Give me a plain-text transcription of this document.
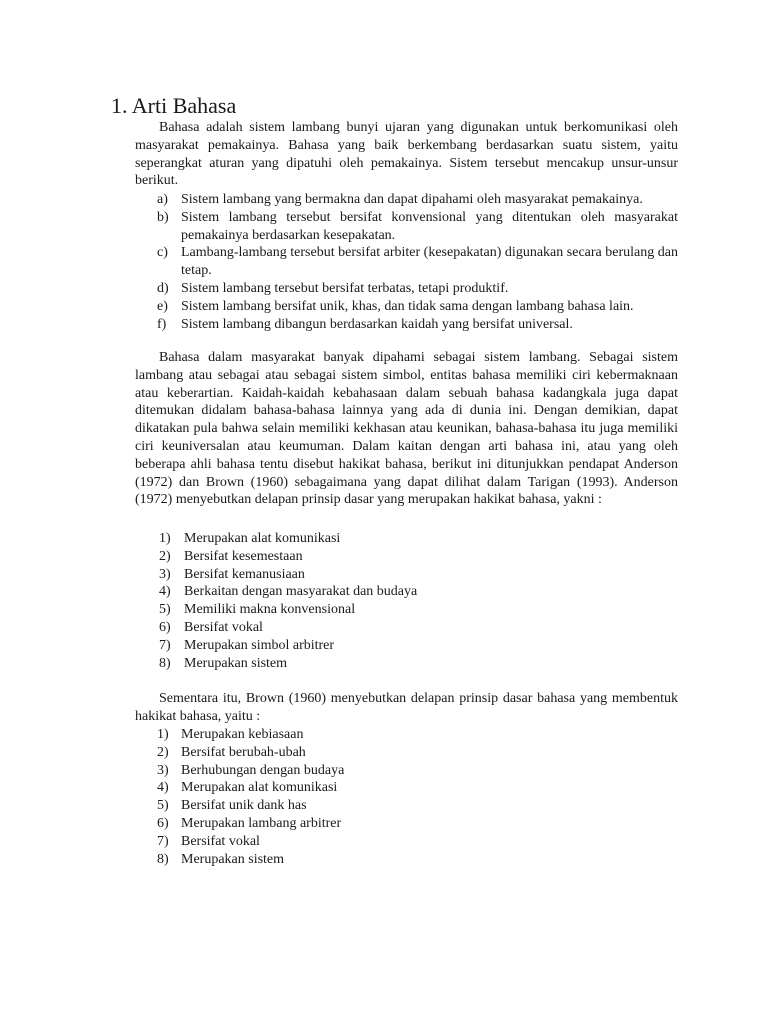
1. Arti Bahasa

Bahasa adalah sistem lambang bunyi ujaran yang digunakan untuk berkomunikasi oleh masyarakat pemakainya. Bahasa yang baik berkembang berdasarkan suatu sistem, yaitu seperangkat aturan yang dipatuhi oleh pemakainya. Sistem tersebut mencakup unsur-unsur berikut.

a) Sistem lambang yang bermakna dan dapat dipahami oleh masyarakat pemakainya.
b) Sistem lambang tersebut bersifat konvensional yang ditentukan oleh masyarakat pemakainya berdasarkan kesepakatan.
c) Lambang-lambang tersebut bersifat arbiter (kesepakatan) digunakan secara berulang dan tetap.
d) Sistem lambang tersebut bersifat terbatas, tetapi produktif.
e) Sistem lambang bersifat unik, khas, dan tidak sama dengan lambang bahasa lain.
f) Sistem lambang dibangun berdasarkan kaidah yang bersifat universal.

Bahasa dalam masyarakat banyak dipahami sebagai sistem lambang. Sebagai sistem lambang atau sebagai atau sebagai sistem simbol, entitas bahasa memiliki ciri kebermaknaan atau keberartian. Kaidah-kaidah kebahasaan dalam sebuah bahasa kadangkala juga dapat ditemukan didalam bahasa-bahasa lainnya yang ada di dunia ini. Dengan demikian, dapat dikatakan pula bahwa selain memiliki kekhasan atau keunikan, bahasa-bahasa itu juga memiliki ciri keuniversalan atau keumuman. Dalam kaitan dengan arti bahasa ini, atau yang oleh beberapa ahli bahasa tentu disebut hakikat bahasa, berikut ini ditunjukkan pendapat Anderson (1972) dan Brown (1960) sebagaimana yang dapat dilihat dalam Tarigan (1993). Anderson (1972) menyebutkan delapan prinsip dasar yang merupakan hakikat bahasa, yakni :

1) Merupakan alat komunikasi
2) Bersifat kesemestaan
3) Bersifat kemanusiaan
4) Berkaitan dengan masyarakat dan budaya
5) Memiliki makna konvensional
6) Bersifat vokal
7) Merupakan simbol arbitrer
8) Merupakan sistem

Sementara itu, Brown (1960) menyebutkan delapan prinsip dasar bahasa yang membentuk hakikat bahasa, yaitu :

1) Merupakan kebiasaan
2) Bersifat berubah-ubah
3) Berhubungan dengan budaya
4) Merupakan alat komunikasi
5) Bersifat unik dank has
6) Merupakan lambang arbitrer
7) Bersifat vokal
8) Merupakan sistem
